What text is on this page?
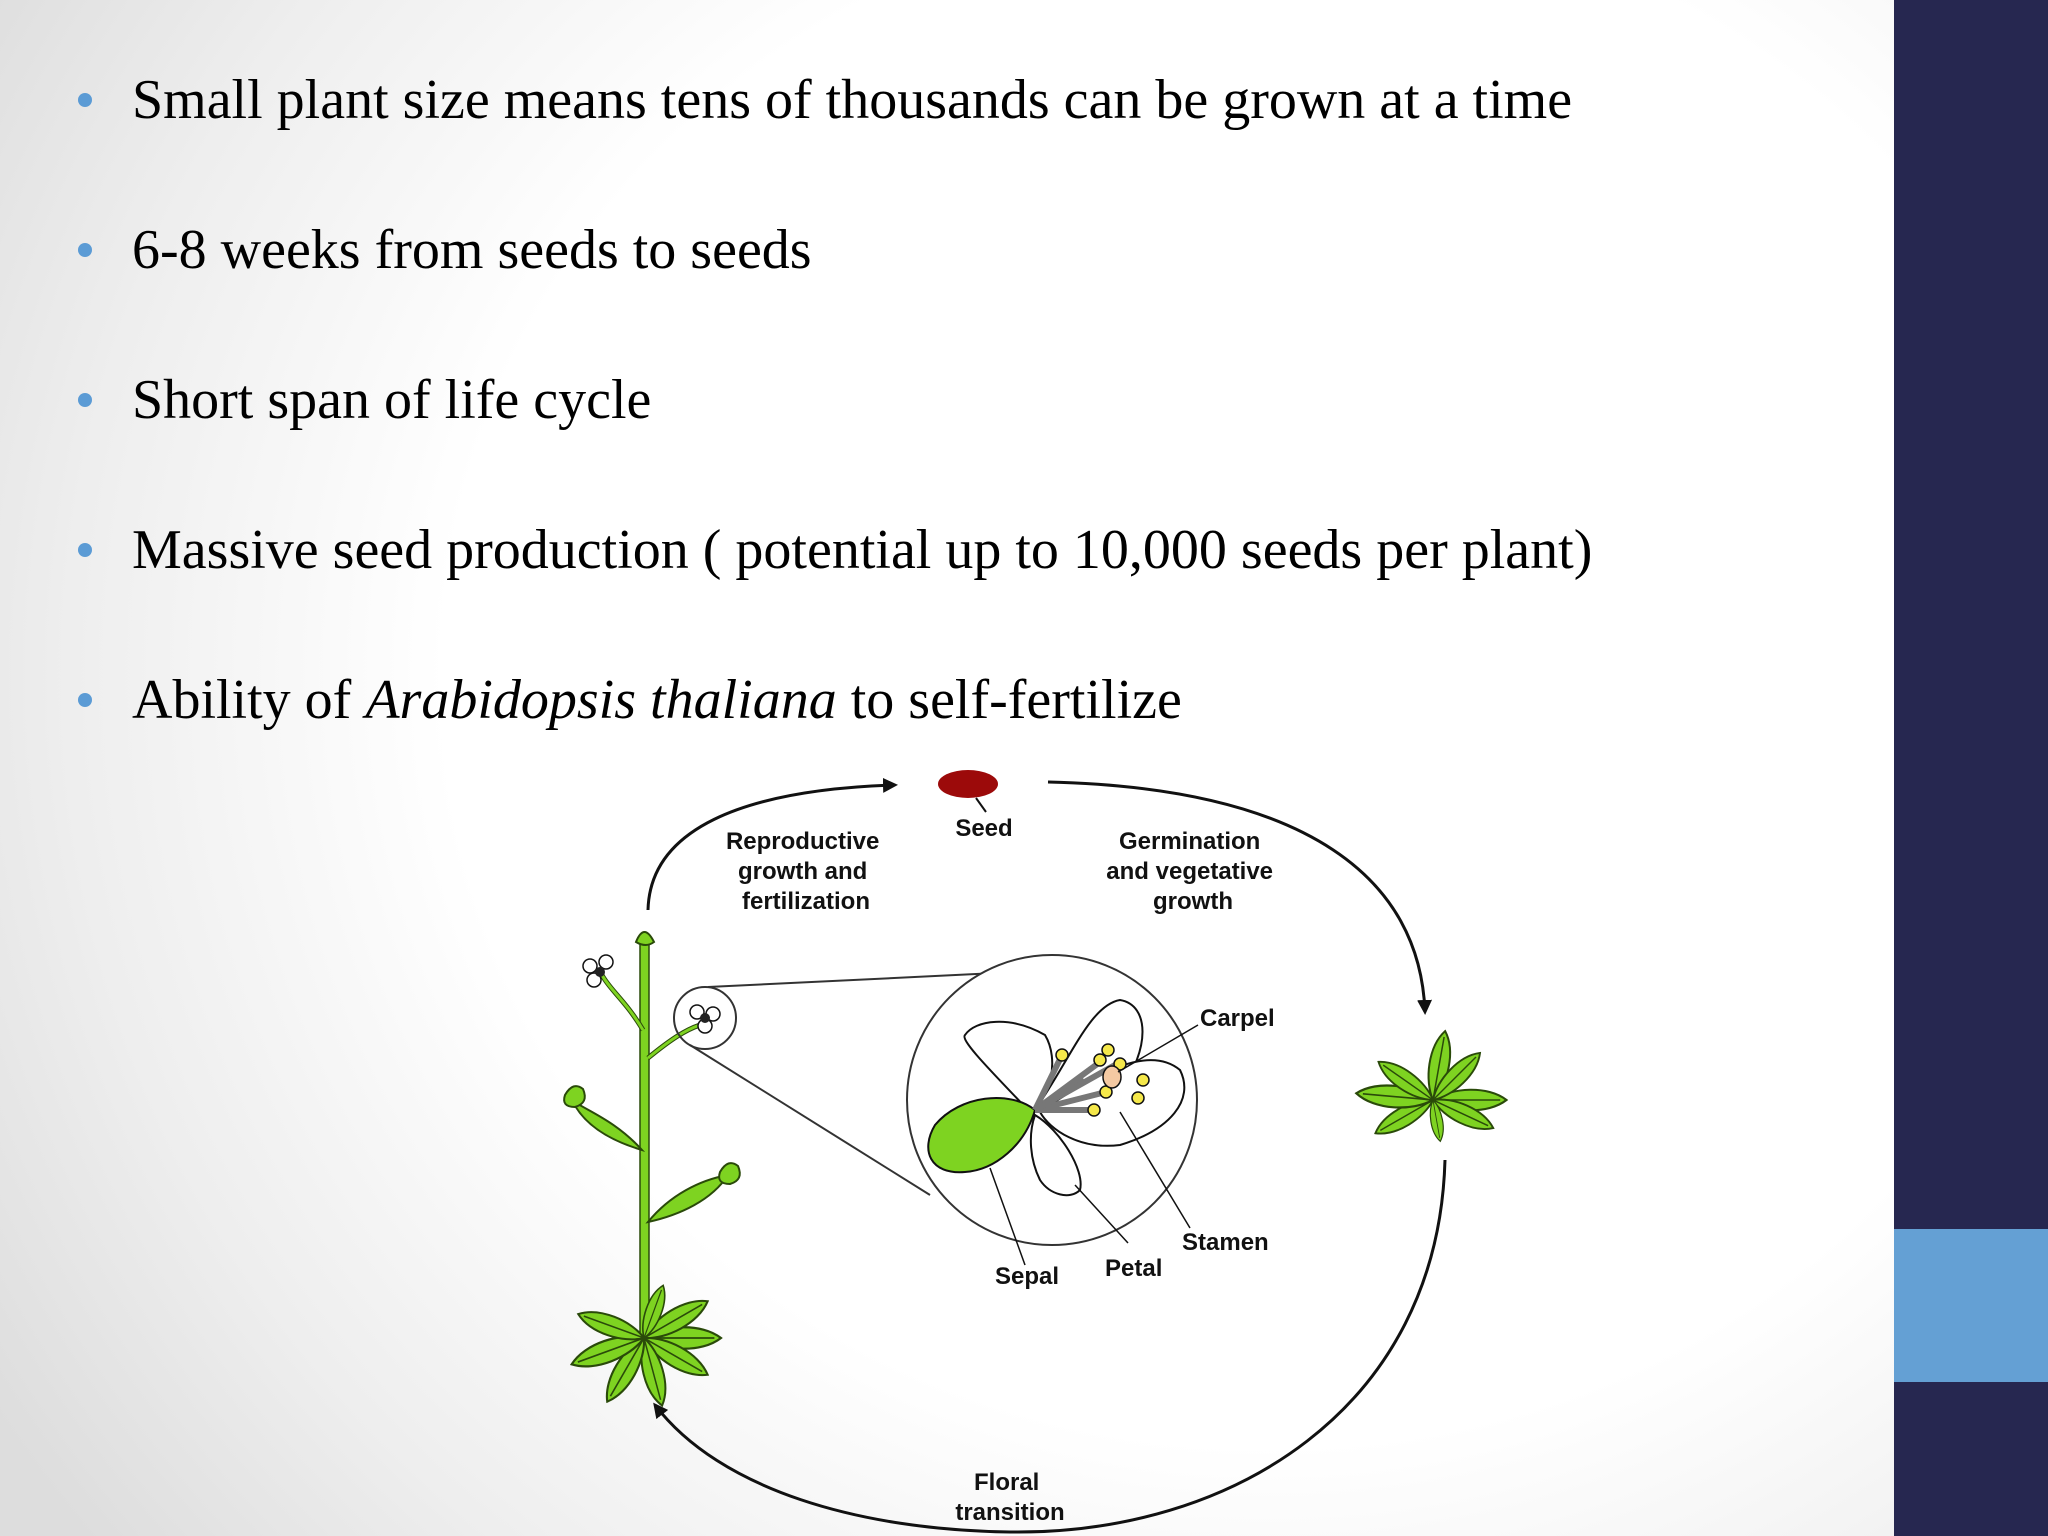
Small plant size means tens of thousands can be grown at a time
6-8 weeks from seeds to seeds
Short span of life cycle
Massive seed production ( potential up to 10,000 seeds per plant)
Ability of Arabidopsis thaliana to self-fertilize
Seed
Reproductive growth and fertilization
Germination and vegetative growth
Floral transition
Carpel
Stamen
Sepal Petal
